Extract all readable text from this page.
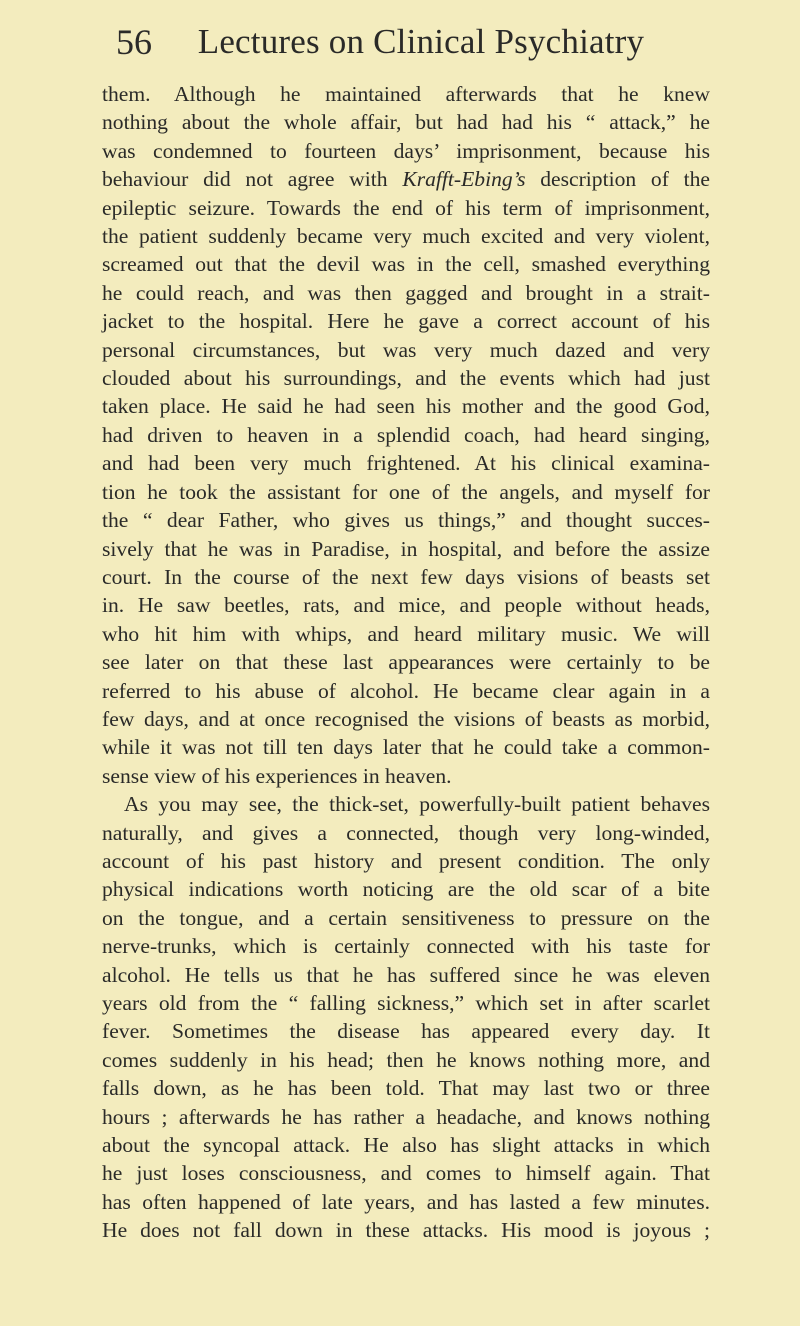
56 Lectures on Clinical Psychiatry

them. Although he maintained afterwards that he knew
nothing about the whole affair, but had had his “ attack,” he
was condemned to fourteen days’ imprisonment, because his
behaviour did not agree with Krafft-Ebing’s description of the
epileptic seizure. Towards the end of his term of imprisonment,
the patient suddenly became very much excited and very violent,
screamed out that the devil was in the cell, smashed everything
he could reach, and was then gagged and brought in a strait-
jacket to the hospital. Here he gave a correct account of his
personal circumstances, but was very much dazed and very
clouded about his surroundings, and the events which had just
taken place. He said he had seen his mother and the good God,
had driven to heaven in a splendid coach, had heard singing,
and had been very much frightened. At his clinical examina-
tion he took the assistant for one of the angels, and myself for
the “ dear Father, who gives us things,” and thought succes-
sively that he was in Paradise, in hospital, and before the assize
court. In the course of the next few days visions of beasts set
in. He saw beetles, rats, and mice, and people without heads,
who hit him with whips, and heard military music. We will
see later on that these last appearances were certainly to be
referred to his abuse of alcohol. He became clear again in a
few days, and at once recognised the visions of beasts as morbid,
while it was not till ten days later that he could take a common-
sense view of his experiences in heaven.

As you may see, the thick-set, powerfully-built patient behaves
naturally, and gives a connected, though very long-winded,
account of his past history and present condition. The only
physical indications worth noticing are the old scar of a bite
on the tongue, and a certain sensitiveness to pressure on the
nerve-trunks, which is certainly connected with his taste for
alcohol. He tells us that he has suffered since he was eleven
years old from the “ falling sickness,” which set in after scarlet
fever. Sometimes the disease has appeared every day. It
comes suddenly in his head; then he knows nothing more, and
falls down, as he has been told. That may last two or three
hours ; afterwards he has rather a headache, and knows nothing
about the syncopal attack. He also has slight attacks in which
he just loses consciousness, and comes to himself again. That
has often happened of late years, and has lasted a few minutes.
He does not fall down in these attacks. His mood is joyous ;
